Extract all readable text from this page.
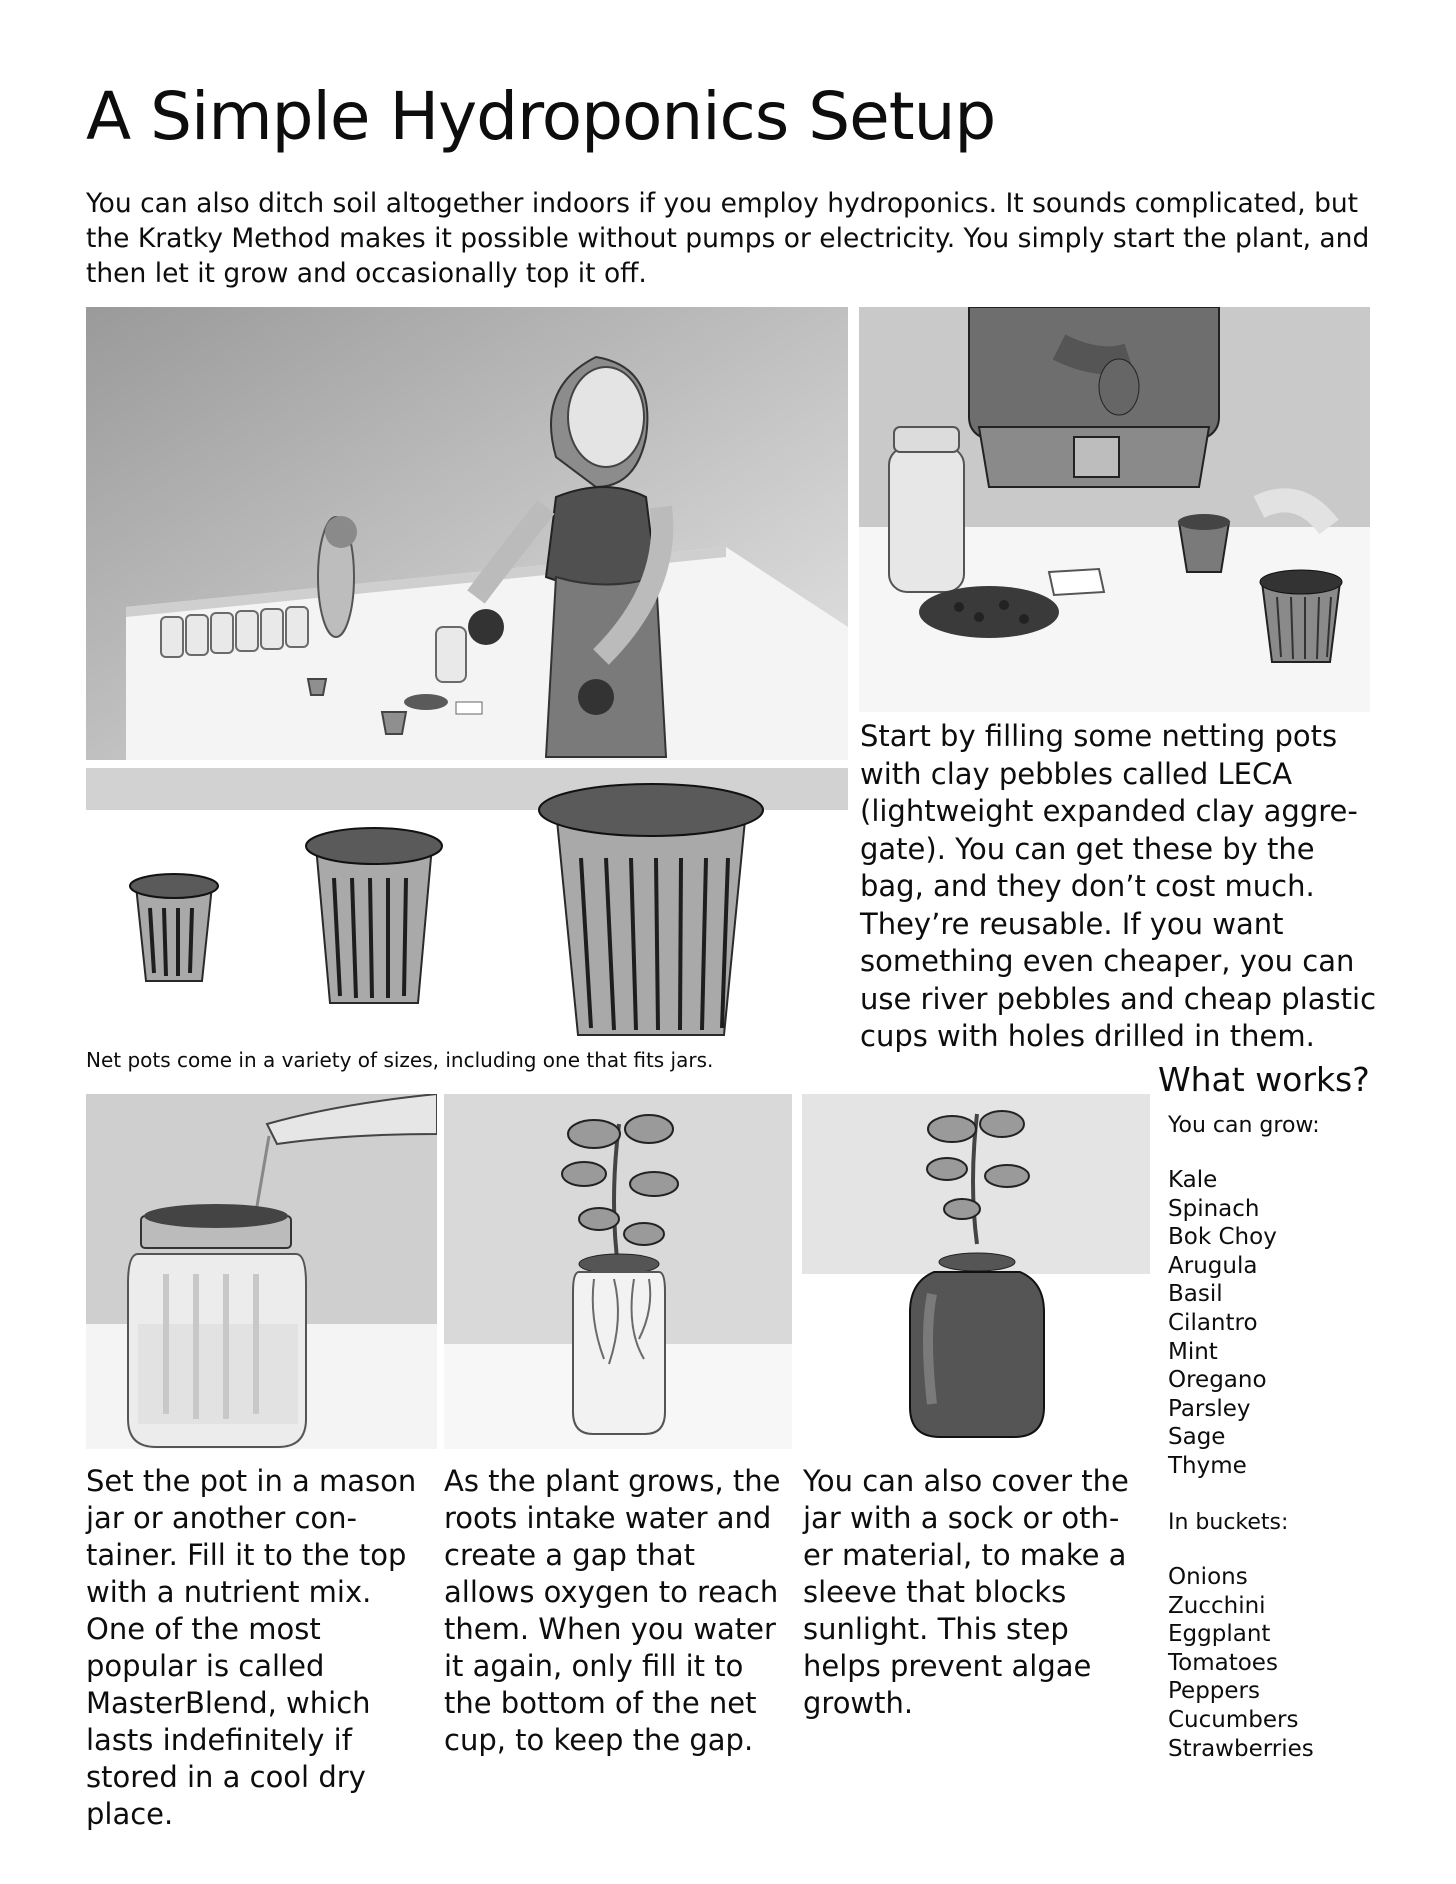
A Simple Hydroponics Setup
You can also ditch soil altogether indoors if you employ hydroponics. It sounds complicated, but the Kratky Method makes it possible without pumps or electricity. You simply start the plant, and then let it grow and occasionally top it off.
Net pots come in a variety of sizes, including one that fits jars.
Start by filling some netting pots with clay pebbles called LECA (lightweight expanded clay aggre-gate). You can get these by the bag, and they don’t cost much. They’re reusable. If you want something even cheaper, you can use river pebbles and cheap plastic cups with holes drilled in them.
Set the pot in a mason jar or another con-tainer. Fill it to the top with a nutrient mix. One of the most popular is called MasterBlend, which lasts indefinitely if stored in a cool dry place.
As the plant grows, the roots intake water and create a gap that allows oxygen to reach them. When you water it again, only fill it to the bottom of the net cup, to keep the gap.
You can also cover the jar with a sock or oth-er material, to make a sleeve that blocks sunlight. This step helps prevent algae growth.
What works?
You can grow:
Kale
Spinach
Bok Choy
Arugula
Basil
Cilantro
Mint
Oregano
Parsley
Sage
Thyme
In buckets:
Onions
Zucchini
Eggplant
Tomatoes
Peppers
Cucumbers
Strawberries
